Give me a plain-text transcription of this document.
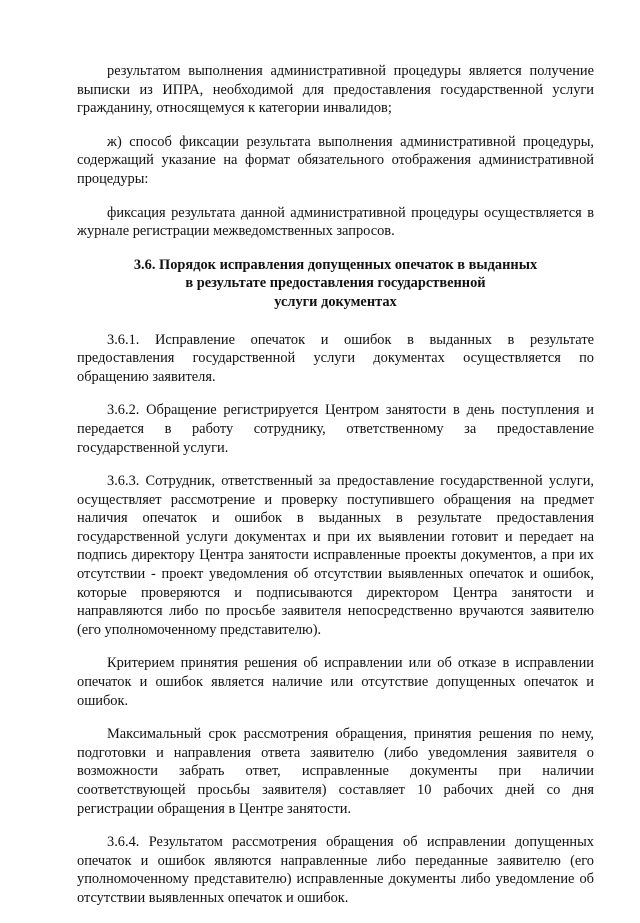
результатом выполнения административной процедуры является получение выписки из ИПРА, необходимой для предоставления государственной услуги гражданину, относящемуся к категории инвалидов;

ж) способ фиксации результата выполнения административной процедуры, содержащий указание на формат обязательного отображения административной процедуры:

фиксация результата данной административной процедуры осуществляется в журнале регистрации межведомственных запросов.

3.6. Порядок исправления допущенных опечаток в выданных
в результате предоставления государственной
услуги документах

3.6.1. Исправление опечаток и ошибок в выданных в результате предоставления государственной услуги документах осуществляется по обращению заявителя.

3.6.2. Обращение регистрируется Центром занятости в день поступления и передается в работу сотруднику, ответственному за предоставление государственной услуги.

3.6.3. Сотрудник, ответственный за предоставление государственной услуги, осуществляет рассмотрение и проверку поступившего обращения на предмет наличия опечаток и ошибок в выданных в результате предоставления государственной услуги документах и при их выявлении готовит и передает на подпись директору Центра занятости исправленные проекты документов, а при их отсутствии - проект уведомления об отсутствии выявленных опечаток и ошибок, которые проверяются и подписываются директором Центра занятости и направляются либо по просьбе заявителя непосредственно вручаются заявителю (его уполномоченному представителю).

Критерием принятия решения об исправлении или об отказе в исправлении опечаток и ошибок является наличие или отсутствие допущенных опечаток и ошибок.

Максимальный срок рассмотрения обращения, принятия решения по нему, подготовки и направления ответа заявителю (либо уведомления заявителя о возможности забрать ответ, исправленные документы при наличии соответствующей просьбы заявителя) составляет 10 рабочих дней со дня регистрации обращения в Центре занятости.

3.6.4. Результатом рассмотрения обращения об исправлении допущенных опечаток и ошибок являются направленные либо переданные заявителю (его уполномоченному представителю) исправленные документы либо уведомление об отсутствии выявленных опечаток и ошибок.
